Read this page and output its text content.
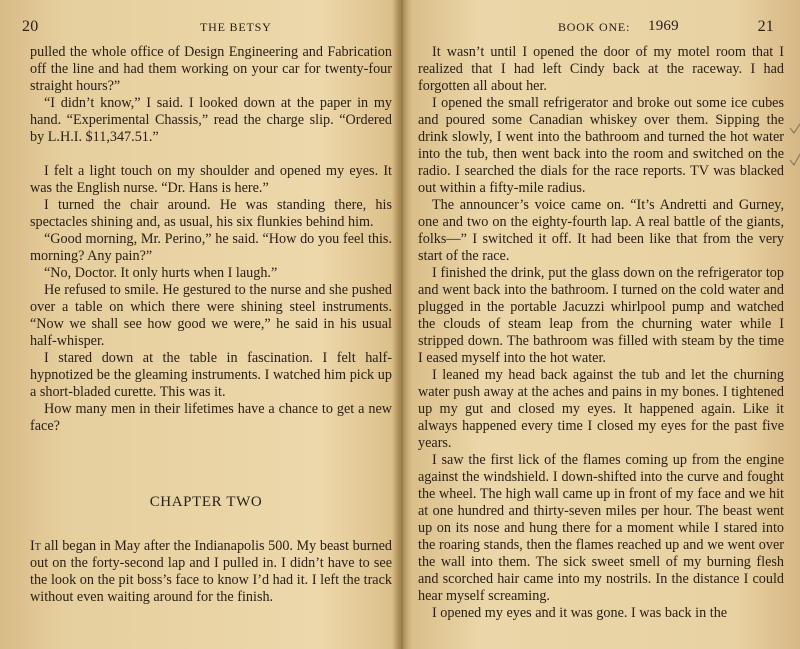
20	THE BETSY

pulled the whole office of Design Engineering and Fabrication off the line and had them working on your car for twenty-four straight hours?”

“I didn’t know,” I said. I looked down at the paper in my hand. “Experimental Chassis,” read the charge slip. “Ordered by L.H.I. $11,347.51.”

I felt a light touch on my shoulder and opened my eyes. It was the English nurse. “Dr. Hans is here.”

I turned the chair around. He was standing there, his spectacles shining and, as usual, his six flunkies behind him.

“Good morning, Mr. Perino,” he said. “How do you feel this. morning? Any pain?”

“No, Doctor. It only hurts when I laugh.”

He refused to smile. He gestured to the nurse and she pushed over a table on which there were shining steel instruments. “Now we shall see how good we were,” he said in his usual half-whisper.

I stared down at the table in fascination. I felt half-hypnotized be the gleaming instruments. I watched him pick up a short-bladed curette. This was it.

How many men in their lifetimes have a chance to get a new face?

CHAPTER TWO

It all began in May after the Indianapolis 500. My beast burned out on the forty-second lap and I pulled in. I didn’t have to see the look on the pit boss’s face to know I’d had it. I left the track without even waiting around for the finish.

BOOK ONE: 1969	21

It wasn’t until I opened the door of my motel room that I realized that I had left Cindy back at the raceway. I had forgotten all about her.

I opened the small refrigerator and broke out some ice cubes and poured some Canadian whiskey over them. Sipping the drink slowly, I went into the bathroom and turned the hot water into the tub, then went back into the room and switched on the radio. I searched the dials for the race reports. TV was blacked out within a fifty-mile radius.

The announcer’s voice came on. “It’s Andretti and Gurney, one and two on the eighty-fourth lap. A real battle of the giants, folks—” I switched it off. It had been like that from the very start of the race.

I finished the drink, put the glass down on the refrigerator top and went back into the bathroom. I turned on the cold water and plugged in the portable Jacuzzi whirlpool pump and watched the clouds of steam leap from the churning water while I stripped down. The bathroom was filled with steam by the time I eased myself into the hot water.

I leaned my head back against the tub and let the churning water push away at the aches and pains in my bones. I tightened up my gut and closed my eyes. It happened again. Like it always happened every time I closed my eyes for the past five years.

I saw the first lick of the flames coming up from the engine against the windshield. I down-shifted into the curve and fought the wheel. The high wall came up in front of my face and we hit at one hundred and thirty-seven miles per hour. The beast went up on its nose and hung there for a moment while I stared into the roaring stands, then the flames reached up and we went over the wall into them. The sick sweet smell of my burning flesh and scorched hair came into my nostrils. In the distance I could hear myself screaming.

I opened my eyes and it was gone. I was back in the
